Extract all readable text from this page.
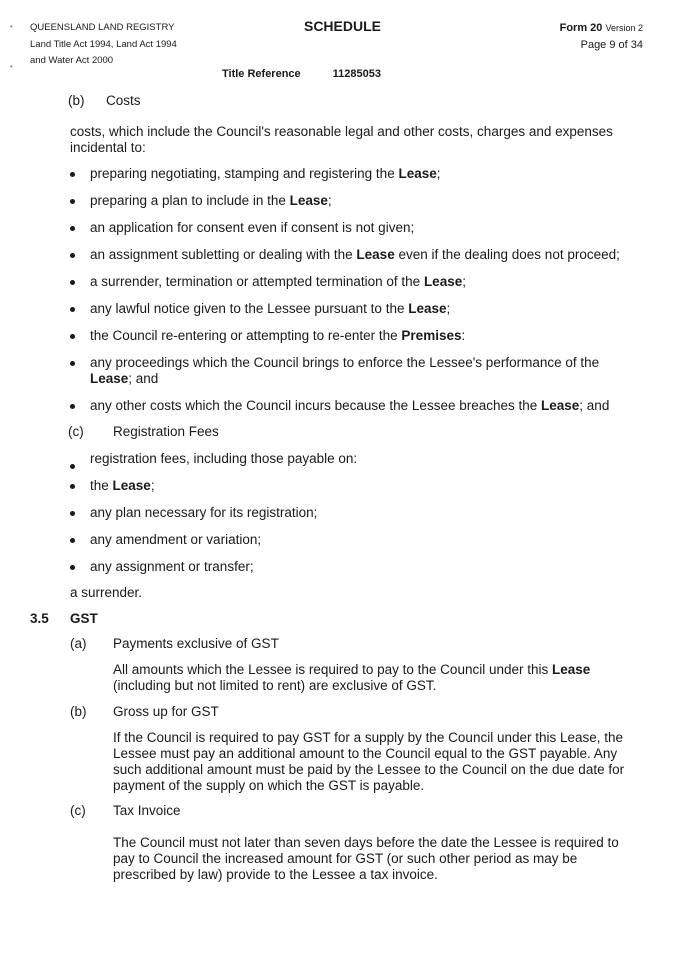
•
•
QUEENSLAND LAND REGISTRY
Land Title Act 1994, Land Act 1994
and Water Act 2000
SCHEDULE	Form 20 Version 2
Page 9 of 34
Title Reference	11285053
(b) Costs
costs, which include the Council's reasonable legal and other costs, charges and expenses
incidental to:
preparing negotiating, stamping and registering the Lease;
preparing a plan to include in the Lease;
an application for consent even if consent is not given;
an assignment subletting or dealing with the Lease even if the dealing does not proceed;
a surrender, termination or attempted termination of the Lease;
any lawful notice given to the Lessee pursuant to the Lease;
the Council re-entering or attempting to re-enter the Premises:
any proceedings which the Council brings to enforce the Lessee's performance of the
Lease; and
any other costs which the Council incurs because the Lessee breaches the Lease; and
(c) Registration Fees
registration fees, including those payable on:
the Lease;
any plan necessary for its registration;
any amendment or variation;
any assignment or transfer;
a surrender.
3.5 GST
(a) Payments exclusive of GST
All amounts which the Lessee is required to pay to the Council under this Lease
(including but not limited to rent) are exclusive of GST.
(b) Gross up for GST
If the Council is required to pay GST for a supply by the Council under this Lease, the
Lessee must pay an additional amount to the Council equal to the GST payable. Any
such additional amount must be paid by the Lessee to the Council on the due date for
payment of the supply on which the GST is payable.
(c) Tax Invoice
The Council must not later than seven days before the date the Lessee is required to
pay to Council the increased amount for GST (or such other period as may be
prescribed by law) provide to the Lessee a tax invoice.
